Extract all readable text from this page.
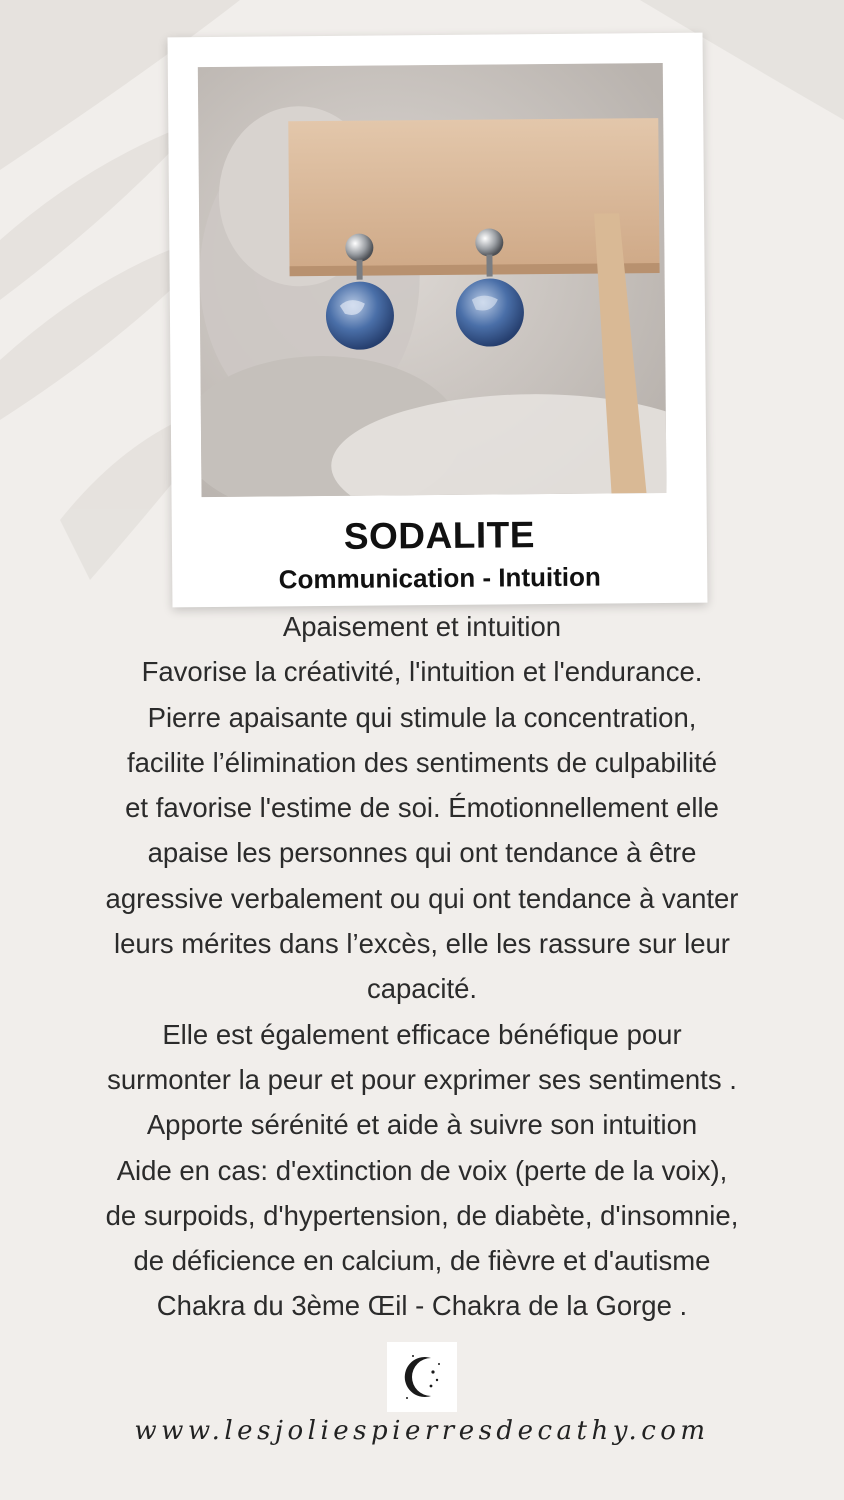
SODALITE
Communication - Intuition
Apaisement et intuition
Favorise la créativité, l'intuition et l'endurance.
Pierre apaisante qui stimule la concentration,
facilite l’élimination des sentiments de culpabilité
et favorise l'estime de soi. Émotionnellement elle
apaise les personnes qui ont tendance à être
agressive verbalement ou qui ont tendance à vanter
leurs mérites dans l’excès, elle les rassure sur leur
capacité.
Elle est également efficace bénéfique pour
surmonter la peur et pour exprimer ses sentiments .
Apporte sérénité et aide à suivre son intuition
Aide en cas: d'extinction de voix (perte de la voix),
de surpoids, d'hypertension, de diabète, d'insomnie,
de déficience en calcium, de fièvre et d'autisme
Chakra du 3ème Œil - Chakra de la Gorge .
www.lesjoliespierresdecathy.com
